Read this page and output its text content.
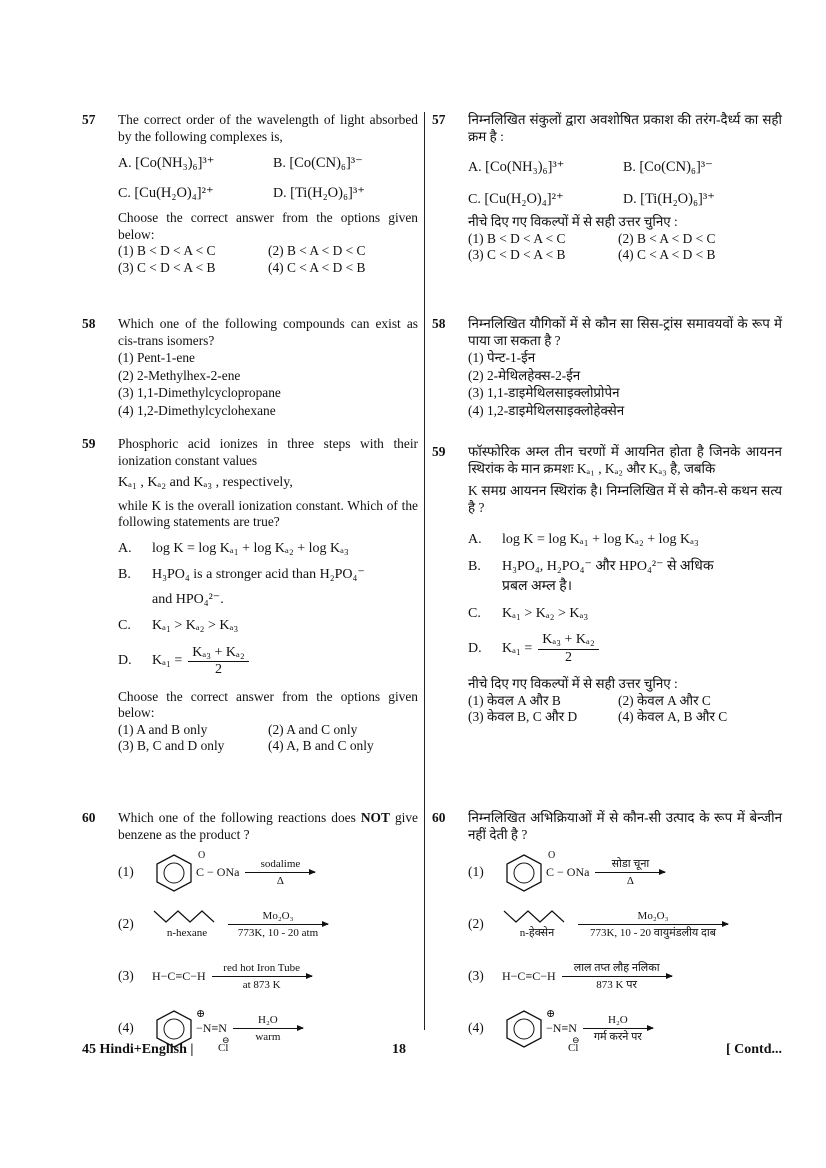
57 The correct order of the wavelength of light absorbed by the following complexes is,
A. [Co(NH₃)₆]³⁺	B. [Co(CN)₆]³⁻
C. [Cu(H₂O)₄]²⁺	D. [Ti(H₂O)₆]³⁺
Choose the correct answer from the options given below:
(1) B < D < A < C	(2) B < A < D < C
(3) C < D < A < B	(4) C < A < D < B
58 Which one of the following compounds can exist as cis-trans isomers?
(1) Pent-1-ene
(2) 2-Methylhex-2-ene
(3) 1,1-Dimethylcyclopropane
(4) 1,2-Dimethylcyclohexane
59 Phosphoric acid ionizes in three steps with their ionization constant values
Kₐ₁ , Kₐ₂ and Kₐ₃ , respectively,
while K is the overall ionization constant. Which of the following statements are true?
A.	log K = log Kₐ₁ + log Kₐ₂ + log Kₐ₃
B.	H₃PO₄ is a stronger acid than H₂PO₄⁻
and HPO₄²⁻.
C.	Kₐ₁ > Kₐ₂ > Kₐ₃
D.	$K_{a1} = \frac{\text{Kₐ₃ + Kₐ₂}}{2}$
Choose the correct answer from the options given below:
(1) A and B only	(2) A and C only
(3) B, C and D only	(4) A, B and C only
60 Which one of the following reactions does NOT give benzene as the product ?
(1)
O
C − ONa
sodalime
Δ
(2)
n-hexane
Mo₂O₃
773K, 10 - 20 atm
(3)	H−C≡C−H
red hot Iron Tube
at 873 K
(4)
⊕
−N≡N
⊖
Cl
H₂O
warm
57 निम्नलिखित संकुलों द्वारा अवशोषित प्रकाश की तरंग-दैर्ध्य का सही क्रम है :
A. [Co(NH₃)₆]³⁺	B. [Co(CN)₆]³⁻
C. [Cu(H₂O)₄]²⁺	D. [Ti(H₂O)₆]³⁺
नीचे दिए गए विकल्पों में से सही उत्तर चुनिए :
(1) B < D < A < C	(2) B < A < D < C
(3) C < D < A < B	(4) C < A < D < B
58 निम्नलिखित यौगिकों में से कौन सा सिस-ट्रांस समावयवों के रूप में पाया जा सकता है ?
(1) पेन्ट-1-ईन
(2) 2-मेथिलहेक्स-2-ईन
(3) 1,1-डाइमेथिलसाइक्लोप्रोपेन
(4) 1,2-डाइमेथिलसाइक्लोहेक्सेन
59 फॉस्फोरिक अम्ल तीन चरणों में आयनित होता है जिनके आयनन स्थिरांक के मान क्रमशः Kₐ₁ , Kₐ₂ और Kₐ₃ है, जबकि
K समग्र आयनन स्थिरांक है। निम्नलिखित में से कौन-से कथन सत्य है ?
A.	log K = log Kₐ₁ + log Kₐ₂ + log Kₐ₃
B.	H₃PO₄, H₂PO₄⁻ और HPO₄²⁻ से अधिक
प्रबल अम्ल है।
C.	Kₐ₁ > Kₐ₂ > Kₐ₃
D.	$K_{a1} = \frac{\text{Kₐ₃ + Kₐ₂}}{2}$
नीचे दिए गए विकल्पों में से सही उत्तर चुनिए :
(1) केवल A और B	(2) केवल A और C
(3) केवल B, C और D	(4) केवल A, B और C
60 निम्नलिखित अभिक्रियाओं में से कौन-सी उत्पाद के रूप में बेन्जीन नहीं देती है ?
(1)
O
C − ONa
सोडा चूना
Δ
(2)
n-हेक्सेन
Mo₂O₃
773K, 10 - 20 वायुमंडलीय दाब
(3)	H−C≡C−H
लाल तप्त लौह नलिका
873 K पर
(4)
⊕
−N≡N
⊖
Cl
H₂O
गर्म करने पर
45 Hindi+English |	18	[ Contd...
